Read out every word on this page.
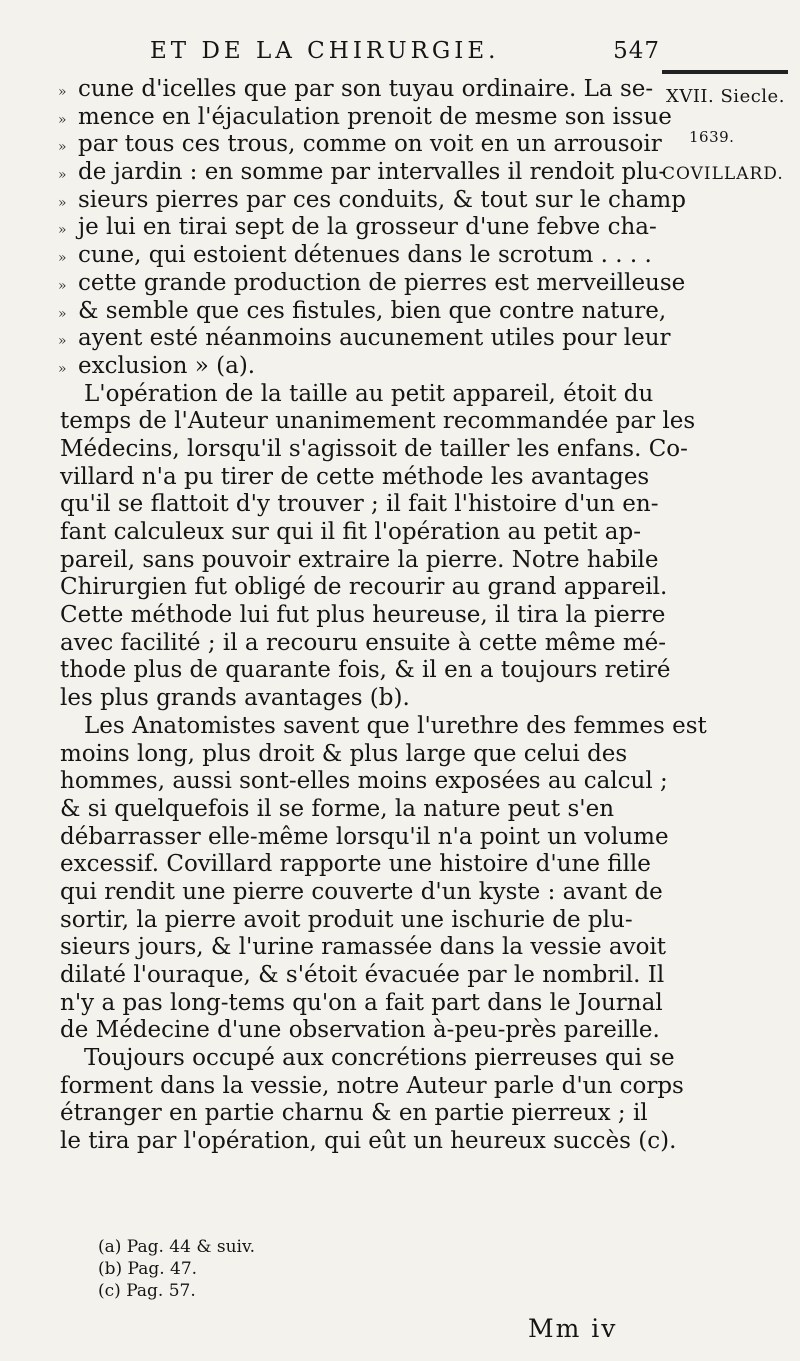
ET DE LA CHIRURGIE.	547
XVII. Siecle.
1639.
COVILLARD.
» cune d'icelles que par son tuyau ordinaire. La se-
» mence en l'éjaculation prenoit de mesme son issue
» par tous ces trous, comme on voit en un arrousoir
» de jardin : en somme par intervalles il rendoit plu-
» sieurs pierres par ces conduits, & tout sur le champ
» je lui en tirai sept de la grosseur d'une febve cha-
» cune, qui estoient détenues dans le scrotum . . . .
» cette grande production de pierres est merveilleuse
» & semble que ces fistules, bien que contre nature,
» ayent esté néanmoins aucunement utiles pour leur
» exclusion » (a).
L'opération de la taille au petit appareil, étoit du
temps de l'Auteur unanimement recommandée par les
Médecins, lorsqu'il s'agissoit de tailler les enfans. Co-
villard n'a pu tirer de cette méthode les avantages
qu'il se flattoit d'y trouver ; il fait l'histoire d'un en-
fant calculeux sur qui il fit l'opération au petit ap-
pareil, sans pouvoir extraire la pierre. Notre habile
Chirurgien fut obligé de recourir au grand appareil.
Cette méthode lui fut plus heureuse, il tira la pierre
avec facilité ; il a recouru ensuite à cette même mé-
thode plus de quarante fois, & il en a toujours retiré
les plus grands avantages (b).
Les Anatomistes savent que l'urethre des femmes est
moins long, plus droit & plus large que celui des
hommes, aussi sont-elles moins exposées au calcul ;
& si quelquefois il se forme, la nature peut s'en
débarrasser elle-même lorsqu'il n'a point un volume
excessif. Covillard rapporte une histoire d'une fille
qui rendit une pierre couverte d'un kyste : avant de
sortir, la pierre avoit produit une ischurie de plu-
sieurs jours, & l'urine ramassée dans la vessie avoit
dilaté l'ouraque, & s'étoit évacuée par le nombril. Il
n'y a pas long-tems qu'on a fait part dans le Journal
de Médecine d'une observation à-peu-près pareille.
Toujours occupé aux concrétions pierreuses qui se
forment dans la vessie, notre Auteur parle d'un corps
étranger en partie charnu & en partie pierreux ; il
le tira par l'opération, qui eût un heureux succès (c).
(a) Pag. 44 & suiv.
(b) Pag. 47.
(c) Pag. 57.
Mm iv
